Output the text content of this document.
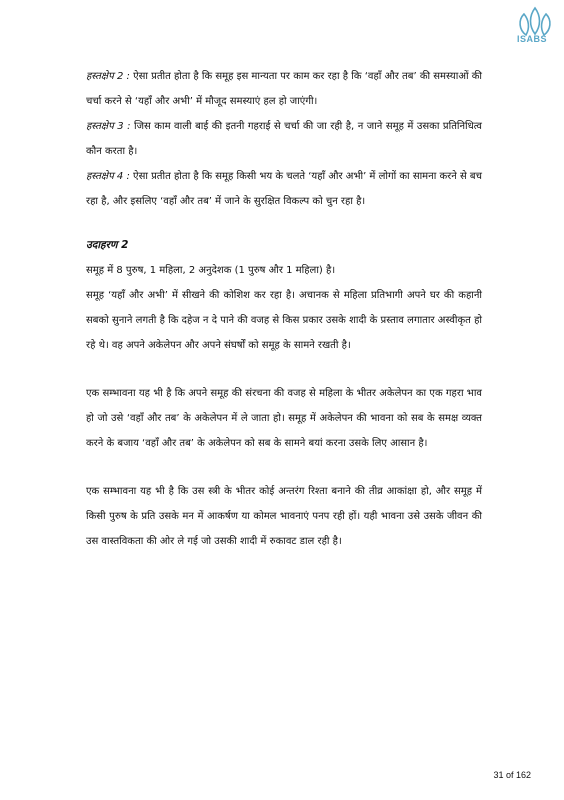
ISABS

हस्तक्षेप 2 : ऐसा प्रतीत होता है कि समूह इस मान्यता पर काम कर रहा है कि ‘वहाँ और तब’ की समस्याओं की चर्चा करने से ‘यहाँ और अभी’ में मौजूद समस्याएं हल हो जाएंगी।

हस्तक्षेप 3 : जिस काम वाली बाई की इतनी गहराई से चर्चा की जा रही है, न जाने समूह में उसका प्रतिनिधित्व कौन करता है।

हस्तक्षेप 4 : ऐसा प्रतीत होता है कि समूह किसी भय के चलते ‘यहाँ और अभी’ में लोगों का सामना करने से बच रहा है, और इसलिए ‘वहाँ और तब’ में जाने के सुरक्षित विकल्प को चुन रहा है।

उदाहरण 2

समूह में 8 पुरुष, 1 महिला, 2 अनुदेशक (1 पुरुष और 1 महिला) है।

समूह ‘यहाँ और अभी’ में सीखने की कोशिश कर रहा है। अचानक से महिला प्रतिभागी अपने घर की कहानी सबको सुनाने लगती है कि दहेज न दे पाने की वजह से किस प्रकार उसके शादी के प्रस्ताव लगातार अस्वीकृत हो रहे थे। वह अपने अकेलेपन और अपने संघर्षों को समूह के सामने रखती है।

एक सम्भावना यह भी है कि अपने समूह की संरचना की वजह से महिला के भीतर अकेलेपन का एक गहरा भाव हो जो उसे ‘वहाँ और तब’ के अकेलेपन में ले जाता हो। समूह में अकेलेपन की भावना को सब के समक्ष व्यक्त करने के बजाय ‘वहाँ और तब’ के अकेलेपन को सब के सामने बयां करना उसके लिए आसान है।

एक सम्भावना यह भी है कि उस स्त्री के भीतर कोई अन्तरंग रिश्ता बनाने की तीव्र आकांक्षा हो, और समूह में किसी पुरुष के प्रति उसके मन में आकर्षण या कोमल भावनाएं पनप रही हों। यही भावना उसे उसके जीवन की उस वास्तविकता की ओर ले गई जो उसकी शादी में रुकावट डाल रही है।

31 of 162
